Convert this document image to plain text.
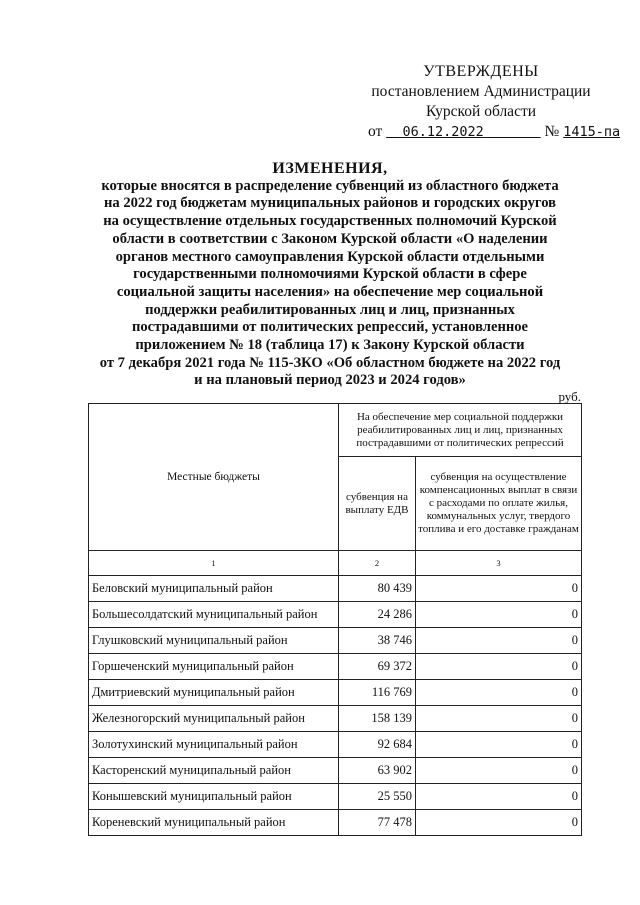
УТВЕРЖДЕНЫ
постановлением Администрации
Курской области
от 06.12.2022	№ 1415-па
ИЗМЕНЕНИЯ,
которые вносятся в распределение субвенций из областного бюджета
на 2022 год бюджетам муниципальных районов и городских округов
на осуществление отдельных государственных полномочий Курской
области в соответствии с Законом Курской области «О наделении
органов местного самоуправления Курской области отдельными
государственными полномочиями Курской области в сфере
социальной защиты населения» на обеспечение мер социальной
поддержки реабилитированных лиц и лиц, признанных
пострадавшими от политических репрессий, установленное
приложением № 18 (таблица 17) к Закону Курской области
от 7 декабря 2021 года № 115-ЗКО «Об областном бюджете на 2022 год
и на плановый период 2023 и 2024 годов»
руб.
Местные бюджеты	На обеспечение мер социальной поддержки реабилитированных лиц и лиц, признанных пострадавшими от политических репрессий	
	субвенция на выплату ЕДВ	субвенция на осуществление компенсационных выплат в связи с расходами по оплате жилья, коммунальных услуг, твердого топлива и его доставке гражданам
1	2	3
Беловский муниципальный район	80 439	0
Большесолдатский муниципальный район	24 286	0
Глушковский муниципальный район	38 746	0
Горшеченский муниципальный район	69 372	0
Дмитриевский муниципальный район	116 769	0
Железногорский муниципальный район	158 139	0
Золотухинский муниципальный район	92 684	0
Касторенский муниципальный район	63 902	0
Конышевский муниципальный район	25 550	0
Кореневский муниципальный район	77 478	0
